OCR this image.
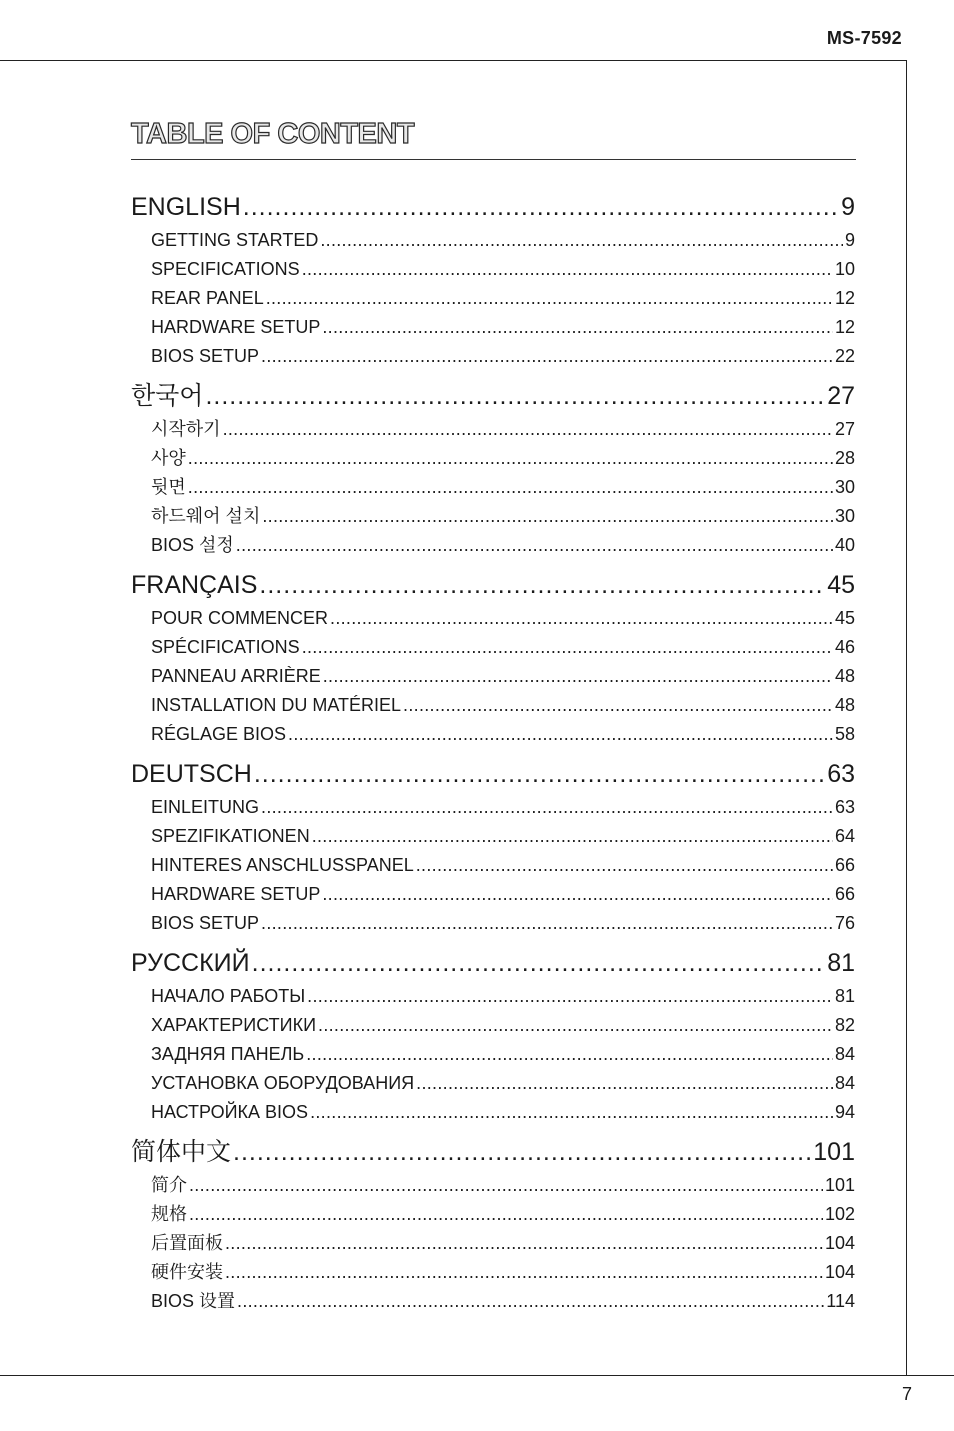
MS-7592
TABLE OF CONTENT
ENGLISH .....	9
GETTING STARTED .....	9
SPECIFICATIONS .....	10
REAR PANEL .....	12
HARDWARE SETUP .....	12
BIOS SETUP .....	22
한국어 .....	27
시작하기 .....	27
사양 .....	28
뒷면 .....	30
하드웨어 설치 .....	30
BIOS 설정 .....	40
FRANÇAIS .....	45
POUR COMMENCER .....	45
SPÉCIFICATIONS .....	46
PANNEAU ARRIÈRE .....	48
INSTALLATION DU MATÉRIEL .....	48
RÉGLAGE BIOS .....	58
DEUTSCH .....	63
EINLEITUNG .....	63
SPEZIFIKATIONEN .....	64
HINTERES ANSCHLUSSPANEL .....	66
HARDWARE SETUP .....	66
BIOS SETUP .....	76
РУССКИЙ .....	81
НАЧАЛО РАБОТЫ .....	81
ХАРАКТЕРИСТИКИ .....	82
ЗАДНЯЯ ПАНЕЛЬ .....	84
УСТАНОВКА ОБОРУДОВАНИЯ .....	84
НАСТРОЙКА BIOS .....	94
简体中文 .....	101
简介 .....	101
规格 .....	102
后置面板 .....	104
硬件安装 .....	104
BIOS 设置 .....	114
7
